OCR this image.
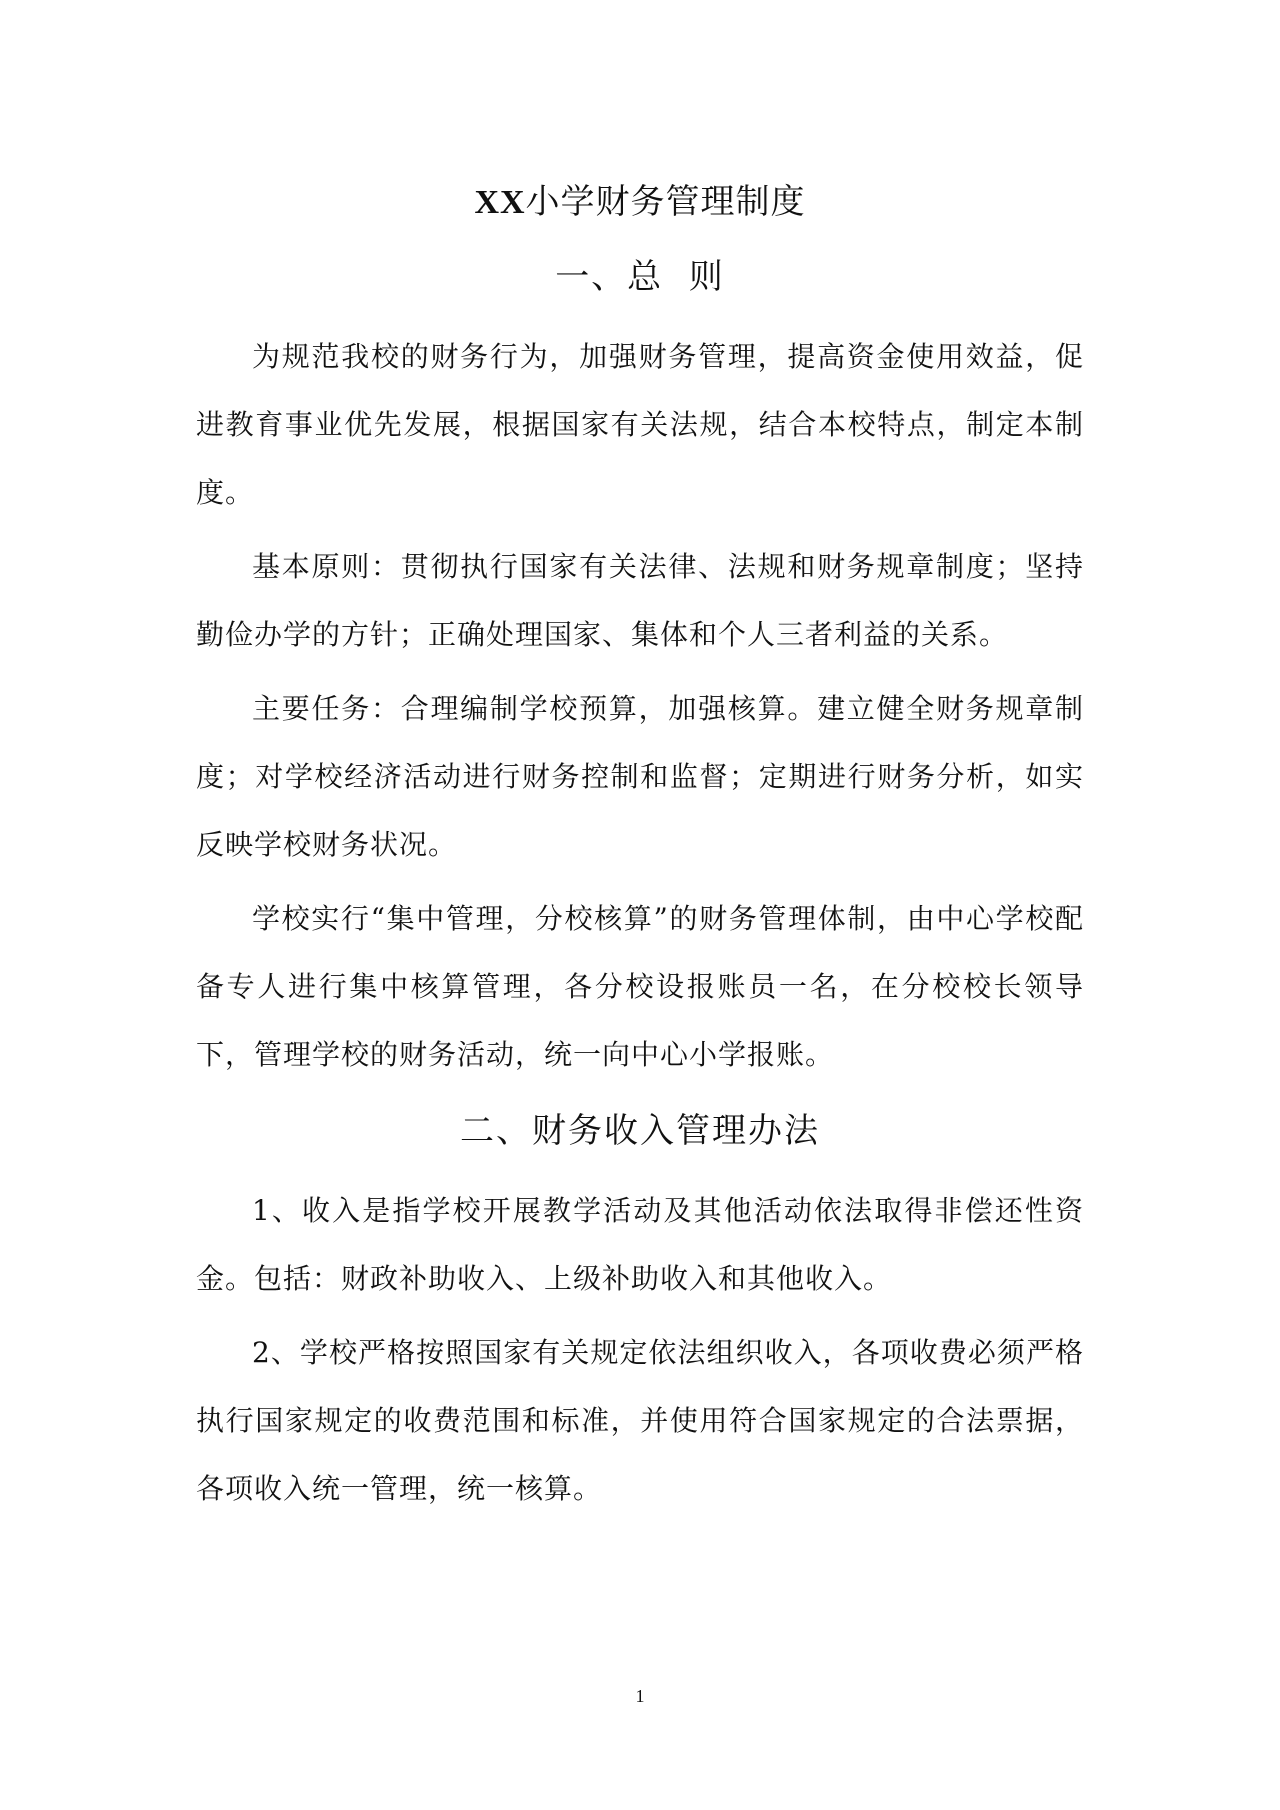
XX小学财务管理制度
一、总  则

为规范我校的财务行为，加强财务管理，提高资金使用效益，促进教育事业优先发展，根据国家有关法规，结合本校特点，制定本制度。

基本原则：贯彻执行国家有关法律、法规和财务规章制度；坚持勤俭办学的方针；正确处理国家、集体和个人三者利益的关系。

主要任务：合理编制学校预算，加强核算。建立健全财务规章制度；对学校经济活动进行财务控制和监督；定期进行财务分析，如实反映学校财务状况。

学校实行“集中管理，分校核算”的财务管理体制，由中心学校配备专人进行集中核算管理，各分校设报账员一名，在分校校长领导下，管理学校的财务活动，统一向中心小学报账。

二、财务收入管理办法

1、收入是指学校开展教学活动及其他活动依法取得非偿还性资金。包括：财政补助收入、上级补助收入和其他收入。

2、学校严格按照国家有关规定依法组织收入，各项收费必须严格执行国家规定的收费范围和标准，并使用符合国家规定的合法票据，各项收入统一管理，统一核算。

1
